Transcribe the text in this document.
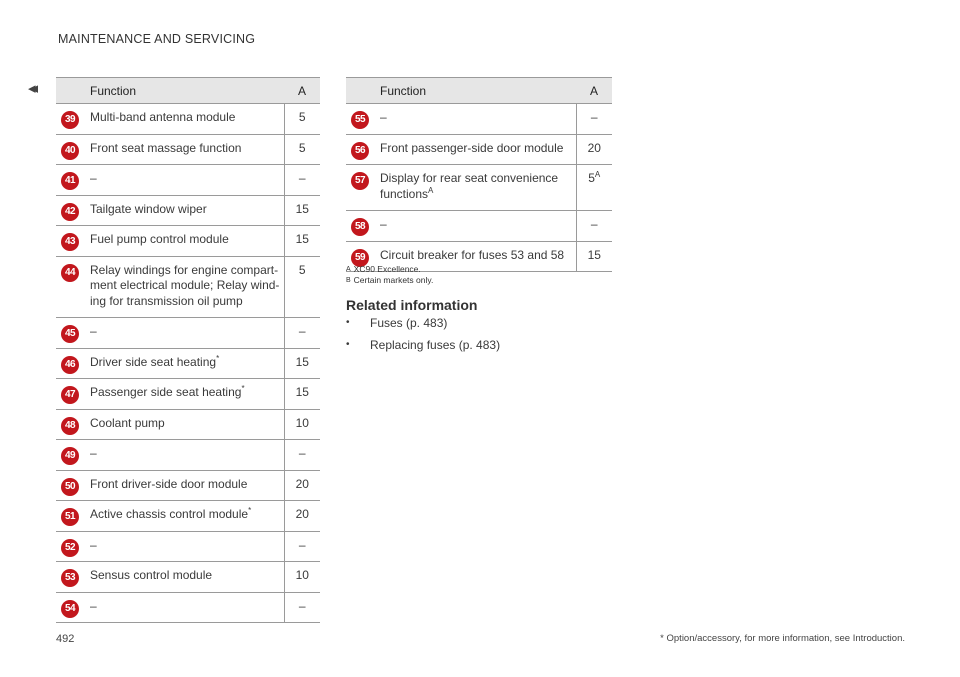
MAINTENANCE AND SERVICING
◂◂
		Function	A
39	Multi-band antenna module	5
40	Front seat massage function	5
41	–	–
42	Tailgate window wiper	15
43	Fuel pump control module	15
44	Relay windings for engine compart-ment electrical module; Relay wind-ing for transmission oil pump	5
45	–	–
46	Driver side seat heating*	15
47	Passenger side seat heating*	15
48	Coolant pump	10
49	–	–
50	Front driver-side door module	20
51	Active chassis control module*	20
52	–	–
53	Sensus control module	10
54	–	–
	Function	A
55	–	–
56	Front passenger-side door module	20
57	Display for rear seat convenience functions$^A$	$5^A$
58	–	–
59	Circuit breaker for fuses 53 and 58	15
A XC90 Excellence.
B Certain markets only.
Related information
• Fuses (p. 483)
• Replacing fuses (p. 483)
492	* Option/accessory, for more information, see Introduction.
